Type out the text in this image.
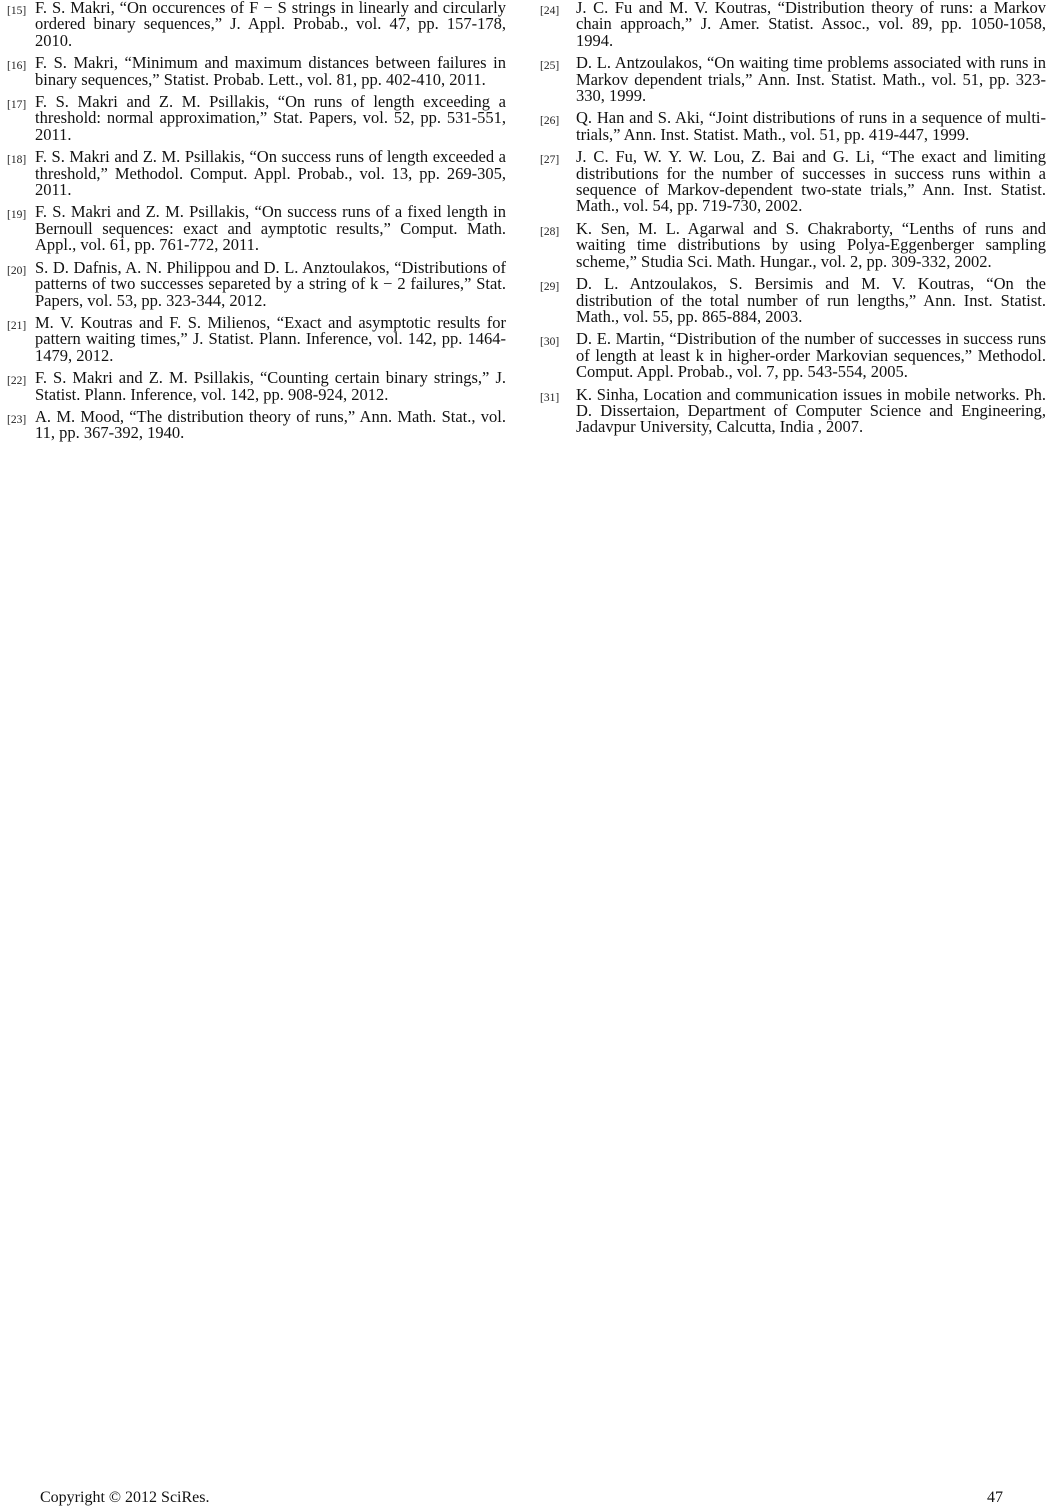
[15] F. S. Makri, “On occurences of F − S strings in linearly and circularly ordered binary sequences,” J. Appl. Probab., vol. 47, pp. 157-178, 2010.
[16] F. S. Makri, “Minimum and maximum distances between failures in binary sequences,” Statist. Probab. Lett., vol. 81, pp. 402-410, 2011.
[17] F. S. Makri and Z. M. Psillakis, “On runs of length exceeding a threshold: normal approximation,” Stat. Papers, vol. 52, pp. 531-551, 2011.
[18] F. S. Makri and Z. M. Psillakis, “On success runs of length exceeded a threshold,” Methodol. Comput. Appl. Probab., vol. 13, pp. 269-305, 2011.
[19] F. S. Makri and Z. M. Psillakis, “On success runs of a fixed length in Bernoull sequences: exact and aymptotic results,” Comput. Math. Appl., vol. 61, pp. 761-772, 2011.
[20] S. D. Dafnis, A. N. Philippou and D. L. Anztoulakos, “Distributions of patterns of two successes separeted by a string of k − 2 failures,” Stat. Papers, vol. 53, pp. 323-344, 2012.
[21] M. V. Koutras and F. S. Milienos, “Exact and asymptotic results for pattern waiting times,” J. Statist. Plann. Inference, vol. 142, pp. 1464-1479, 2012.
[22] F. S. Makri and Z. M. Psillakis, “Counting certain binary strings,” J. Statist. Plann. Inference, vol. 142, pp. 908-924, 2012.
[23] A. M. Mood, “The distribution theory of runs,” Ann. Math. Stat., vol. 11, pp. 367-392, 1940.
[24] J. C. Fu and M. V. Koutras, “Distribution theory of runs: a Markov chain approach,” J. Amer. Statist. Assoc., vol. 89, pp. 1050-1058, 1994.
[25] D. L. Antzoulakos, “On waiting time problems associated with runs in Markov dependent trials,” Ann. Inst. Statist. Math., vol. 51, pp. 323-330, 1999.
[26] Q. Han and S. Aki, “Joint distributions of runs in a sequence of multi-trials,” Ann. Inst. Statist. Math., vol. 51, pp. 419-447, 1999.
[27] J. C. Fu, W. Y. W. Lou, Z. Bai and G. Li, “The exact and limiting distributions for the number of successes in success runs within a sequence of Markov-dependent two-state trials,” Ann. Inst. Statist. Math., vol. 54, pp. 719-730, 2002.
[28] K. Sen, M. L. Agarwal and S. Chakraborty, “Lenths of runs and waiting time distributions by using Polya-Eggenberger sampling scheme,” Studia Sci. Math. Hungar., vol. 2, pp. 309-332, 2002.
[29] D. L. Antzoulakos, S. Bersimis and M. V. Koutras, “On the distribution of the total number of run lengths,” Ann. Inst. Statist. Math., vol. 55, pp. 865-884, 2003.
[30] D. E. Martin, “Distribution of the number of successes in success runs of length at least k in higher-order Markovian sequences,” Methodol. Comput. Appl. Probab., vol. 7, pp. 543-554, 2005.
[31] K. Sinha, Location and communication issues in mobile networks. Ph. D. Dissertaion, Department of Computer Science and Engineering, Jadavpur University, Calcutta, India , 2007.
Copyright © 2012 SciRes.	47
